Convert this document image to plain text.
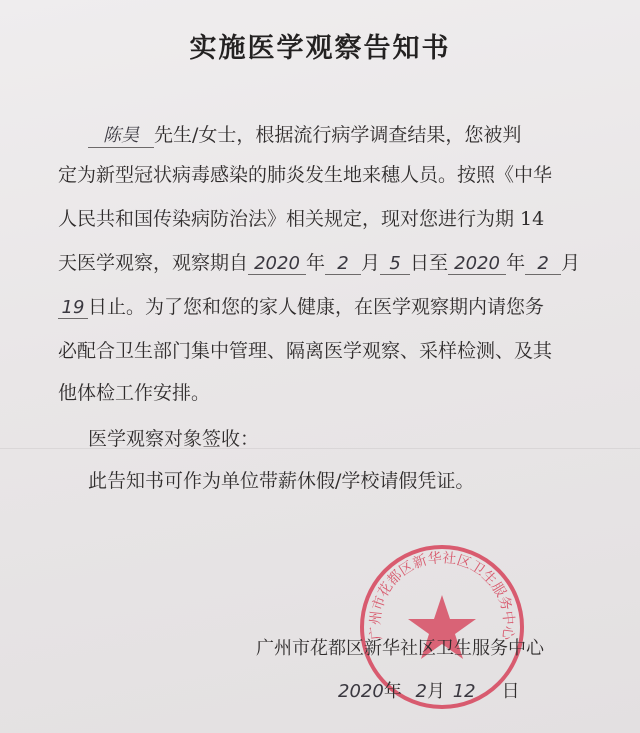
实施医学观察告知书
陈昊 先生/女士，根据流行病学调查结果，您被判
定为新型冠状病毒感染的肺炎发生地来穗人员。按照《中华
人民共和国传染病防治法》相关规定，现对您进行为期 14
天医学观察，观察期自 2020 年 2 月 5 日至 2020 年 2 月
19 日止。为了您和您的家人健康，在医学观察期内请您务
必配合卫生部门集中管理、隔离医学观察、采样检测、及其
他体检工作安排。
医学观察对象签收：
此告知书可作为单位带薪休假/学校请假凭证。
广州市花都区新华社区卫生服务中心
广州市花都区新华社区卫生服务中心
2020年 2月 12 日
